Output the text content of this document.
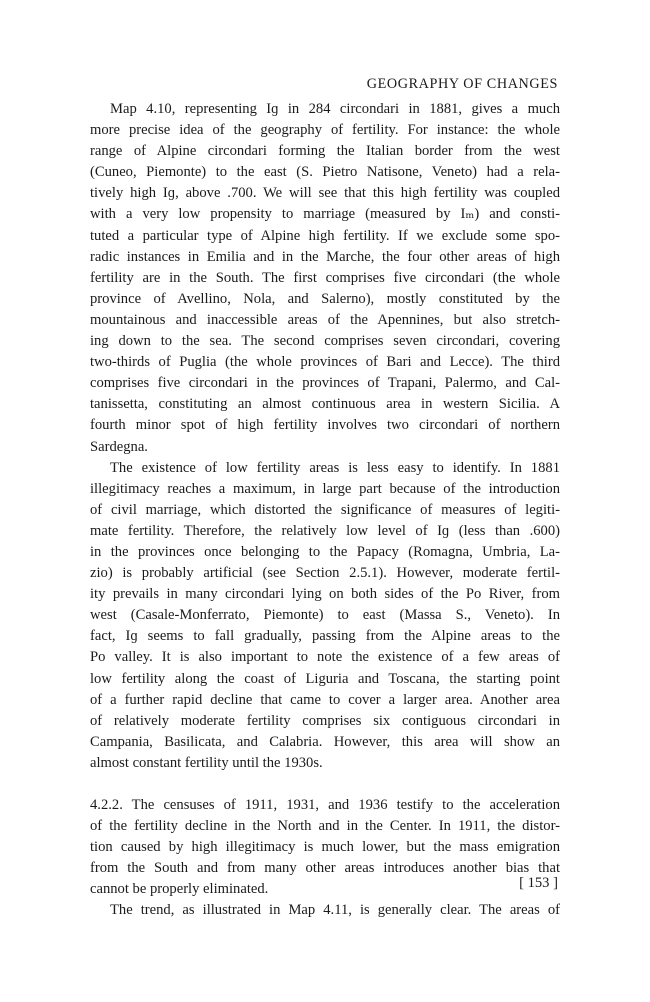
GEOGRAPHY OF CHANGES
Map 4.10, representing Iɡ in 284 circondari in 1881, gives a much
more precise idea of the geography of fertility. For instance: the whole
range of Alpine circondari forming the Italian border from the west
(Cuneo, Piemonte) to the east (S. Pietro Natisone, Veneto) had a rela-
tively high Iɡ, above .700. We will see that this high fertility was coupled
with a very low propensity to marriage (measured by Iₘ) and consti-
tuted a particular type of Alpine high fertility. If we exclude some spo-
radic instances in Emilia and in the Marche, the four other areas of high
fertility are in the South. The first comprises five circondari (the whole
province of Avellino, Nola, and Salerno), mostly constituted by the
mountainous and inaccessible areas of the Apennines, but also stretch-
ing down to the sea. The second comprises seven circondari, covering
two-thirds of Puglia (the whole provinces of Bari and Lecce). The third
comprises five circondari in the provinces of Trapani, Palermo, and Cal-
tanissetta, constituting an almost continuous area in western Sicilia. A
fourth minor spot of high fertility involves two circondari of northern
Sardegna.
The existence of low fertility areas is less easy to identify. In 1881
illegitimacy reaches a maximum, in large part because of the introduction
of civil marriage, which distorted the significance of measures of legiti-
mate fertility. Therefore, the relatively low level of Iɡ (less than .600)
in the provinces once belonging to the Papacy (Romagna, Umbria, La-
zio) is probably artificial (see Section 2.5.1). However, moderate fertil-
ity prevails in many circondari lying on both sides of the Po River, from
west (Casale-Monferrato, Piemonte) to east (Massa S., Veneto). In
fact, Iɡ seems to fall gradually, passing from the Alpine areas to the
Po valley. It is also important to note the existence of a few areas of
low fertility along the coast of Liguria and Toscana, the starting point
of a further rapid decline that came to cover a larger area. Another area
of relatively moderate fertility comprises six contiguous circondari in
Campania, Basilicata, and Calabria. However, this area will show an
almost constant fertility until the 1930s.
4.2.2. The censuses of 1911, 1931, and 1936 testify to the acceleration
of the fertility decline in the North and in the Center. In 1911, the distor-
tion caused by high illegitimacy is much lower, but the mass emigration
from the South and from many other areas introduces another bias that
cannot be properly eliminated.
The trend, as illustrated in Map 4.11, is generally clear. The areas of
[ 153 ]
